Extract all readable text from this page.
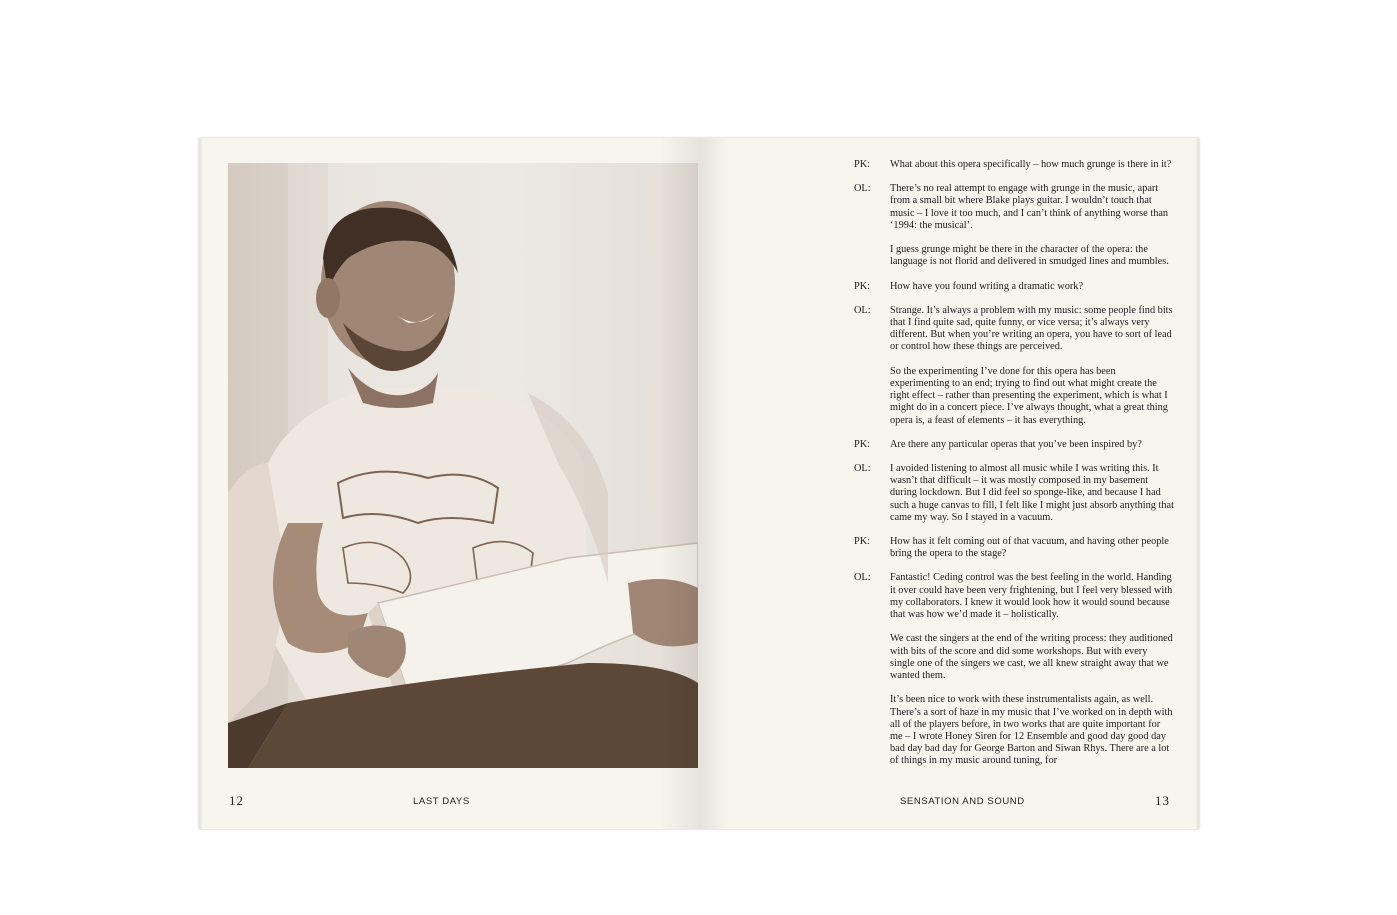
12	LAST DAYS
PK: What about this opera specifically – how much grunge is there in it?

OL: There’s no real attempt to engage with grunge in the music, apart from a small bit where Blake plays guitar. I wouldn’t touch that music – I love it too much, and I can’t think of anything worse than ‘1994: the musical’.

I guess grunge might be there in the character of the opera: the language is not florid and delivered in smudged lines and mumbles.

PK: How have you found writing a dramatic work?

OL: Strange. It’s always a problem with my music: some people find bits that I find quite sad, quite funny, or vice versa; it’s always very different. But when you’re writing an opera, you have to sort of lead or control how these things are perceived.

So the experimenting I’ve done for this opera has been experimenting to an end; trying to find out what might create the right effect – rather than presenting the experiment, which is what I might do in a concert piece. I’ve always thought, what a great thing opera is, a feast of elements – it has everything.

PK: Are there any particular operas that you’ve been inspired by?

OL: I avoided listening to almost all music while I was writing this. It wasn’t that difficult – it was mostly composed in my basement during lockdown. But I did feel so sponge-like, and because I had such a huge canvas to fill, I felt like I might just absorb anything that came my way. So I stayed in a vacuum.

PK: How has it felt coming out of that vacuum, and having other people bring the opera to the stage?

OL: Fantastic! Ceding control was the best feeling in the world. Handing it over could have been very frightening, but I feel very blessed with my collaborators. I knew it would look how it would sound because that was how we’d made it – holistically.

We cast the singers at the end of the writing process: they auditioned with bits of the score and did some workshops. But with every single one of the singers we cast, we all knew straight away that we wanted them.

It’s been nice to work with these instrumentalists again, as well. There’s a sort of haze in my music that I’ve worked on in depth with all of the players before, in two works that are quite important for me – I wrote Honey Siren for 12 Ensemble and good day good day bad day bad day for George Barton and Siwan Rhys. There are a lot of things in my music around tuning, for

SENSATION AND SOUND	13
